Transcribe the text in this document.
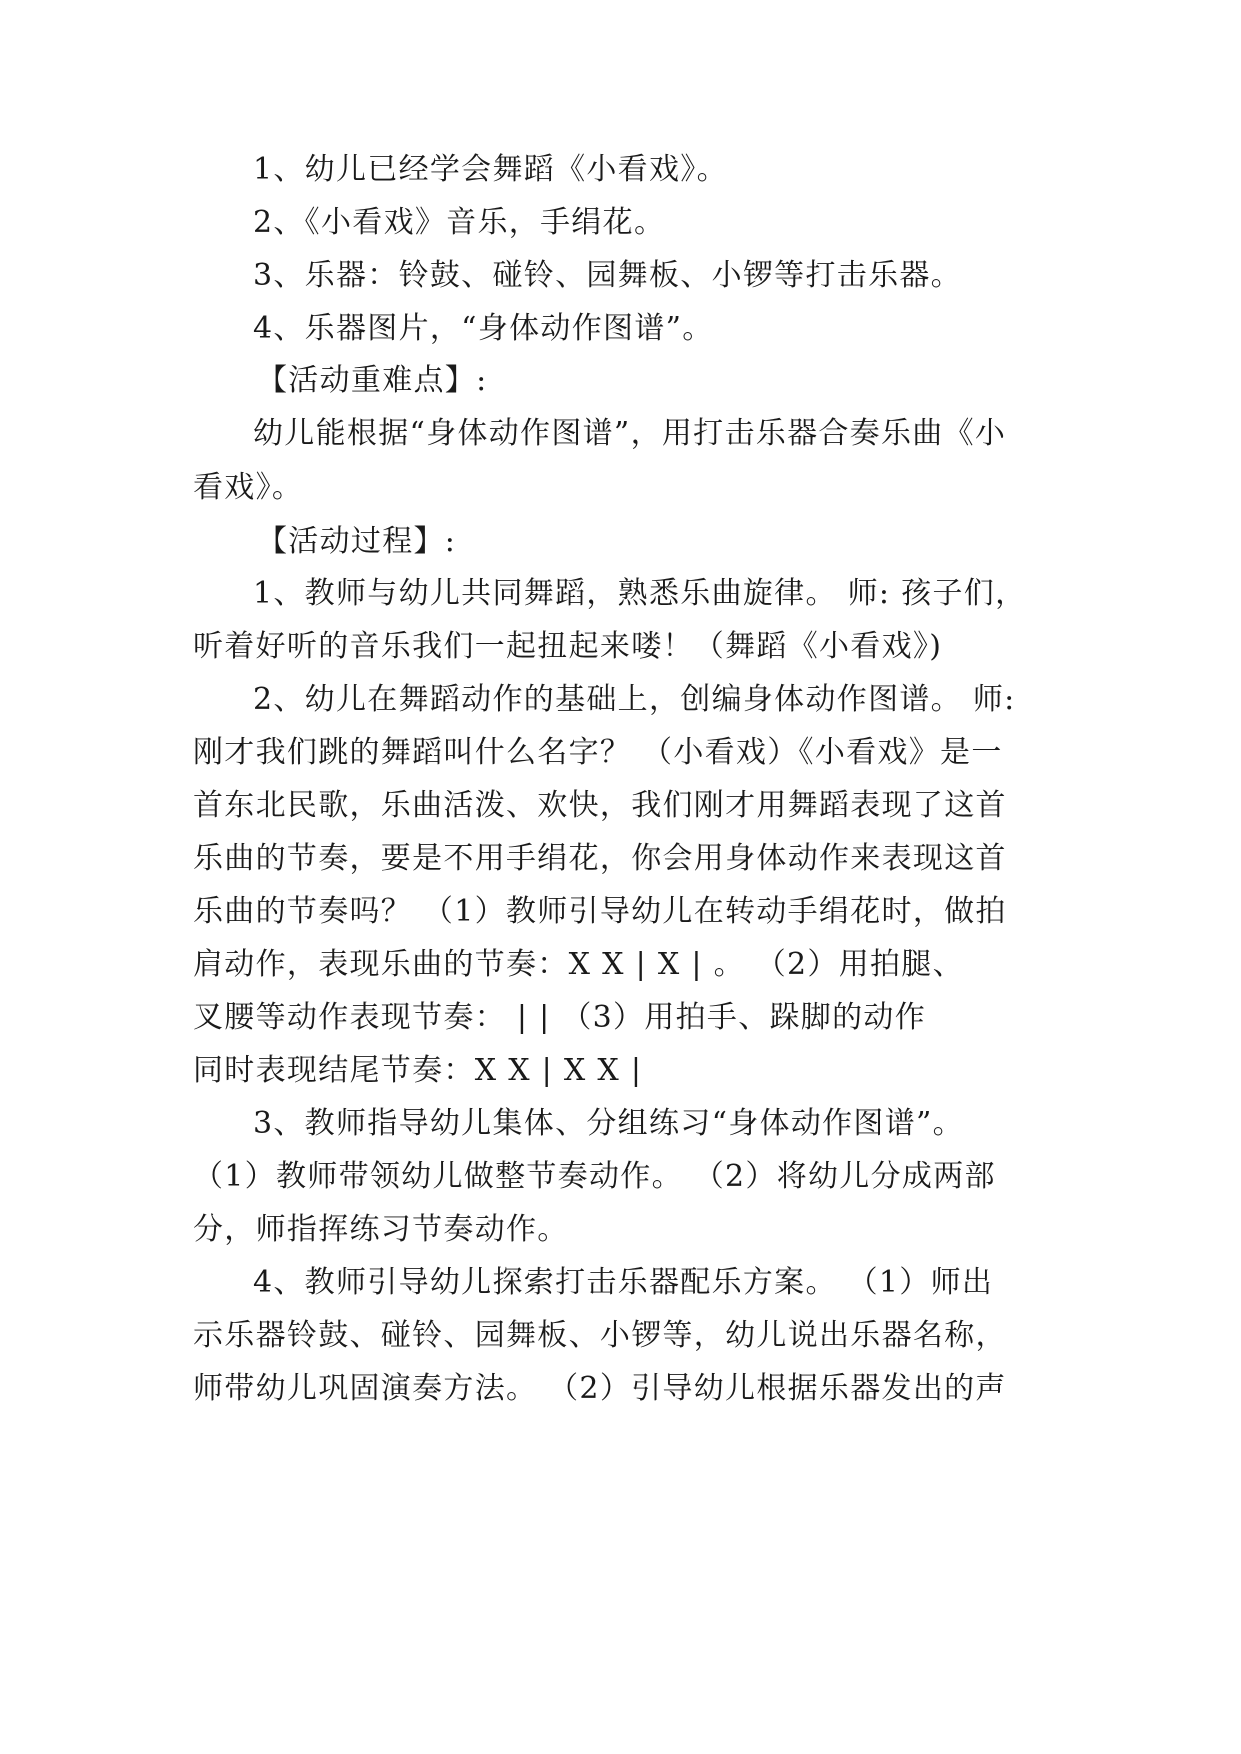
1、幼儿已经学会舞蹈《小看戏》。
2、《小看戏》音乐，手绢花。
3、乐器：铃鼓、碰铃、园舞板、小锣等打击乐器。
4、乐器图片，“身体动作图谱”。
【活动重难点】:
幼儿能根据“身体动作图谱”，用打击乐器合奏乐曲《小
看戏》。
【活动过程】:
1、教师与幼儿共同舞蹈，熟悉乐曲旋律。 师: 孩子们，
听着好听的音乐我们一起扭起来喽！（舞蹈《小看戏》)
2、幼儿在舞蹈动作的基础上，创编身体动作图谱。 师:
刚才我们跳的舞蹈叫什么名字？ （小看戏）《小看戏》是一
首东北民歌，乐曲活泼、欢快，我们刚才用舞蹈表现了这首
乐曲的节奏，要是不用手绢花，你会用身体动作来表现这首
乐曲的节奏吗？ （1）教师引导幼儿在转动手绢花时，做拍
肩动作，表现乐曲的节奏：X X | X | 。 （2）用拍腿、
叉腰等动作表现节奏： | | （3）用拍手、跺脚的动作
同时表现结尾节奏：X X | X X |
3、教师指导幼儿集体、分组练习“身体动作图谱”。
（1）教师带领幼儿做整节奏动作。 （2）将幼儿分成两部
分，师指挥练习节奏动作。
4、教师引导幼儿探索打击乐器配乐方案。 （1）师出
示乐器铃鼓、碰铃、园舞板、小锣等，幼儿说出乐器名称，
师带幼儿巩固演奏方法。 （2）引导幼儿根据乐器发出的声
